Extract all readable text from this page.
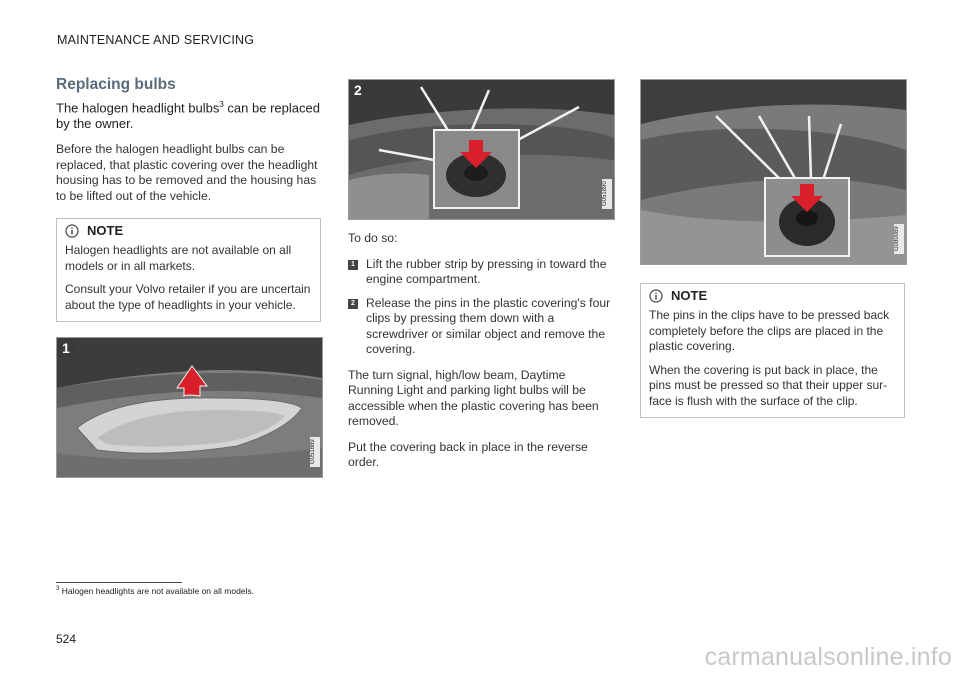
MAINTENANCE AND SERVICING
Replacing bulbs
The halogen headlight bulbs$^3$ can be replaced by the owner.

Before the halogen headlight bulbs can be replaced, that plastic covering over the headlight housing has to be removed and the housing has to be lifted out of the vehicle.

NOTE

Halogen headlights are not available on all models or in all markets.

Consult your Volvo retailer if you are uncertain about the type of headlights in your vehicle.

1
G051889
2
G051890

To do so:

1 Lift the rubber strip by pressing in toward the engine compartment.
2 Release the pins in the plastic covering's four clips by pressing them down with a screwdriver or similar object and remove the covering.

The turn signal, high/low beam, Daytime Running Light and parking light bulbs will be accessible when the plastic covering has been removed.

Put the covering back in place in the reverse order.

G080089
NOTE

The pins in the clips have to be pressed back completely before the clips are placed in the plastic covering.

When the covering is put back in place, the pins must be pressed so that their upper sur-face is flush with the surface of the clip.

$^3$ Halogen headlights are not available on all models.
524
carmanualsonline.info
